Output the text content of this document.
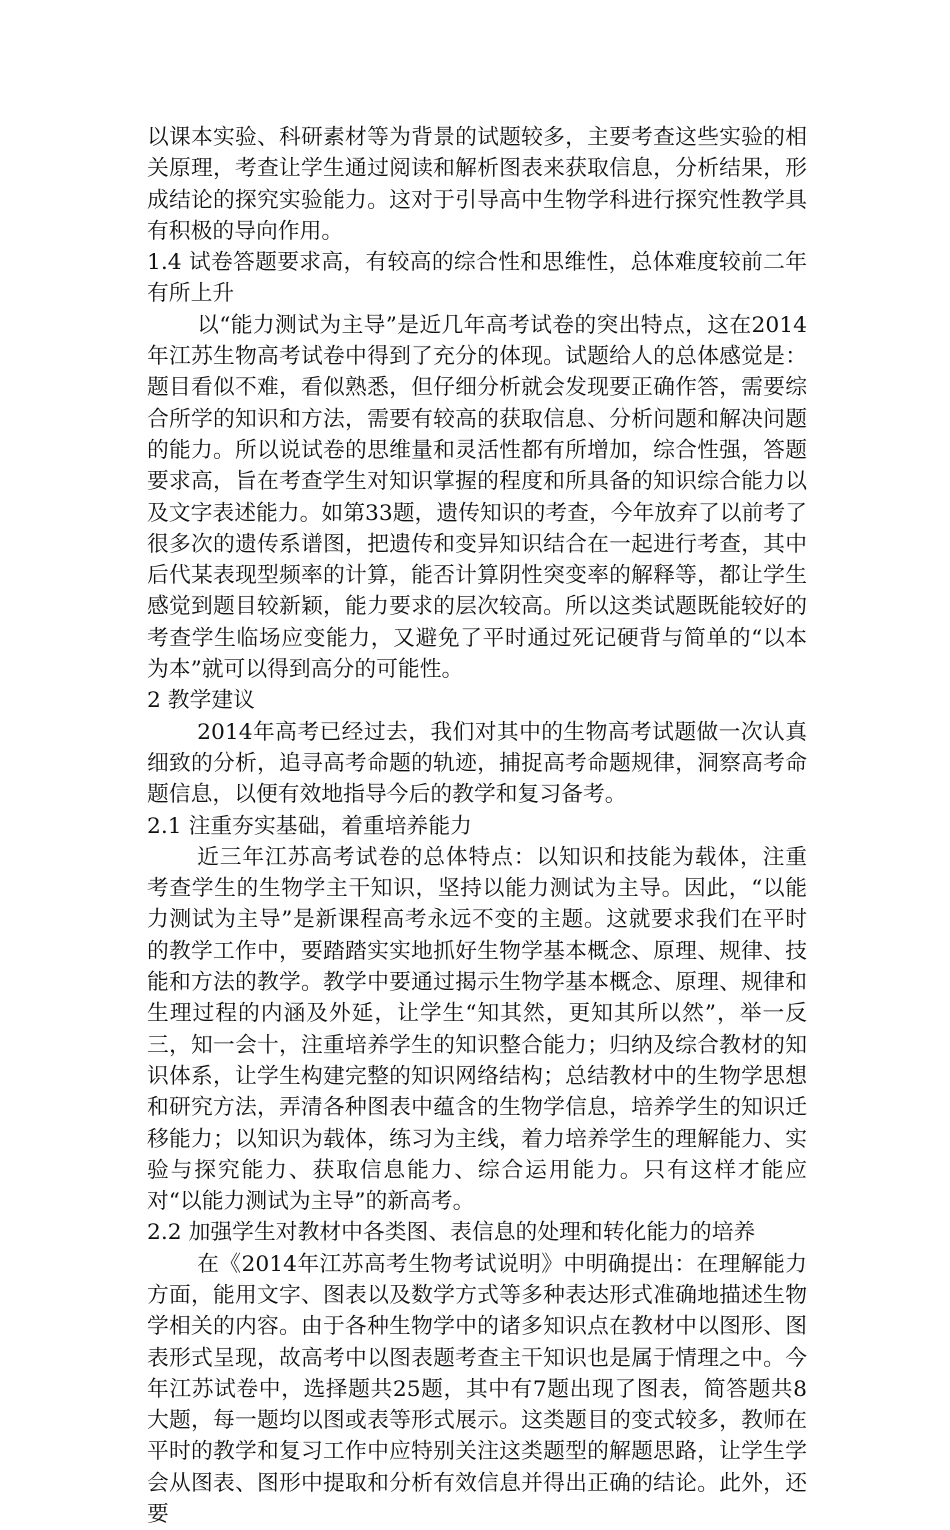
以课本实验、科研素材等为背景的试题较多，主要考查这些实验的相关原理，考查让学生通过阅读和解析图表来获取信息，分析结果，形成结论的探究实验能力。这对于引导高中生物学科进行探究性教学具有积极的导向作用。

1.4 试卷答题要求高，有较高的综合性和思维性，总体难度较前二年有所上升

以“能力测试为主导”是近几年高考试卷的突出特点，这在2014年江苏生物高考试卷中得到了充分的体现。试题给人的总体感觉是：题目看似不难，看似熟悉，但仔细分析就会发现要正确作答，需要综合所学的知识和方法，需要有较高的获取信息、分析问题和解决问题的能力。所以说试卷的思维量和灵活性都有所增加，综合性强，答题要求高，旨在考查学生对知识掌握的程度和所具备的知识综合能力以及文字表述能力。如第33题，遗传知识的考查，今年放弃了以前考了很多次的遗传系谱图，把遗传和变异知识结合在一起进行考查，其中后代某表现型频率的计算，能否计算阴性突变率的解释等，都让学生感觉到题目较新颖，能力要求的层次较高。所以这类试题既能较好的考查学生临场应变能力，又避免了平时通过死记硬背与简单的“以本为本”就可以得到高分的可能性。

2 教学建议

2014年高考已经过去，我们对其中的生物高考试题做一次认真细致的分析，追寻高考命题的轨迹，捕捉高考命题规律，洞察高考命题信息，以便有效地指导今后的教学和复习备考。

2.1 注重夯实基础，着重培养能力

近三年江苏高考试卷的总体特点：以知识和技能为载体，注重考查学生的生物学主干知识，坚持以能力测试为主导。因此，“以能力测试为主导”是新课程高考永远不变的主题。这就要求我们在平时的教学工作中，要踏踏实实地抓好生物学基本概念、原理、规律、技能和方法的教学。教学中要通过揭示生物学基本概念、原理、规律和生理过程的内涵及外延，让学生“知其然，更知其所以然”，举一反三，知一会十，注重培养学生的知识整合能力；归纳及综合教材的知识体系，让学生构建完整的知识网络结构；总结教材中的生物学思想和研究方法，弄清各种图表中蕴含的生物学信息，培养学生的知识迁移能力；以知识为载体，练习为主线，着力培养学生的理解能力、实验与探究能力、获取信息能力、综合运用能力。只有这样才能应对“以能力测试为主导”的新高考。

2.2 加强学生对教材中各类图、表信息的处理和转化能力的培养

在《2014年江苏高考生物考试说明》中明确提出：在理解能力方面，能用文字、图表以及数学方式等多种表达形式准确地描述生物学相关的内容。由于各种生物学中的诸多知识点在教材中以图形、图表形式呈现，故高考中以图表题考查主干知识也是属于情理之中。今年江苏试卷中，选择题共25题，其中有7题出现了图表，简答题共8大题，每一题均以图或表等形式展示。这类题目的变式较多，教师在平时的教学和复习工作中应特别关注这类题型的解题思路，让学生学会从图表、图形中提取和分析有效信息并得出正确的结论。此外，还要
